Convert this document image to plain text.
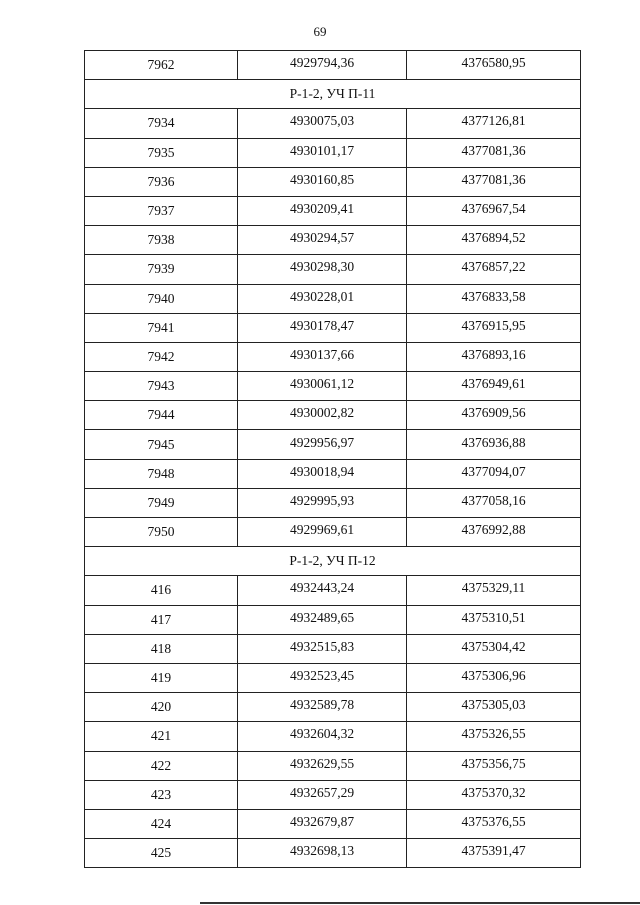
69
7962	4929794,36	4376580,95
Р-1-2, УЧ П-11		
7934	4930075,03	4377126,81
7935	4930101,17	4377081,36
7936	4930160,85	4377081,36
7937	4930209,41	4376967,54
7938	4930294,57	4376894,52
7939	4930298,30	4376857,22
7940	4930228,01	4376833,58
7941	4930178,47	4376915,95
7942	4930137,66	4376893,16
7943	4930061,12	4376949,61
7944	4930002,82	4376909,56
7945	4929956,97	4376936,88
7948	4930018,94	4377094,07
7949	4929995,93	4377058,16
7950	4929969,61	4376992,88
Р-1-2, УЧ П-12		
416	4932443,24	4375329,11
417	4932489,65	4375310,51
418	4932515,83	4375304,42
419	4932523,45	4375306,96
420	4932589,78	4375305,03
421	4932604,32	4375326,55
422	4932629,55	4375356,75
423	4932657,29	4375370,32
424	4932679,87	4375376,55
425	4932698,13	4375391,47
